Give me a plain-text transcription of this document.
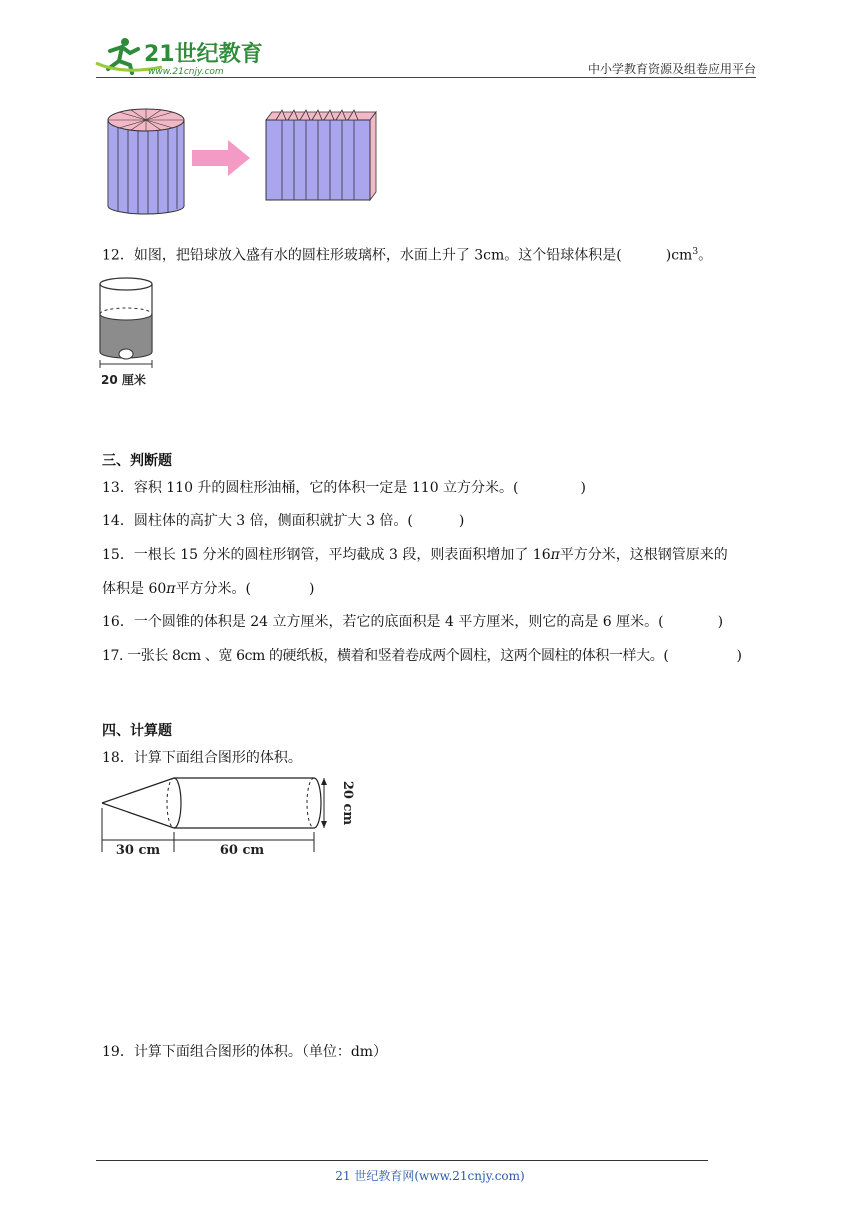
21世纪教育
www.21cnjy.com	中小学教育资源及组卷应用平台
12．如图，把铅球放入盛有水的圆柱形玻璃杯，水面上升了 3cm。这个铅球体积是(	)$cm^3$。
20 厘米
三、判断题
13．容积 110 升的圆柱形油桶，它的体积一定是 110 立方分米。(	)
14．圆柱体的高扩大 3 倍，侧面积就扩大 3 倍。(	)
15．一根长 15 分米的圆柱形钢管，平均截成 3 段，则表面积增加了 16π平方分米，这根钢管原来的
体积是 60π平方分米。(	)
16．一个圆锥的体积是 24 立方厘米，若它的底面积是 4 平方厘米，则它的高是 6 厘米。(	)
17. 一张长 8cm 、宽 6cm 的硬纸板，横着和竖着卷成两个圆柱，这两个圆柱的体积一样大。(	)
四、计算题
18．计算下面组合图形的体积。
20 cm
30 cm	60 cm
19．计算下面组合图形的体积。（单位：dm）
21 世纪教育网(www.21cnjy.com)
